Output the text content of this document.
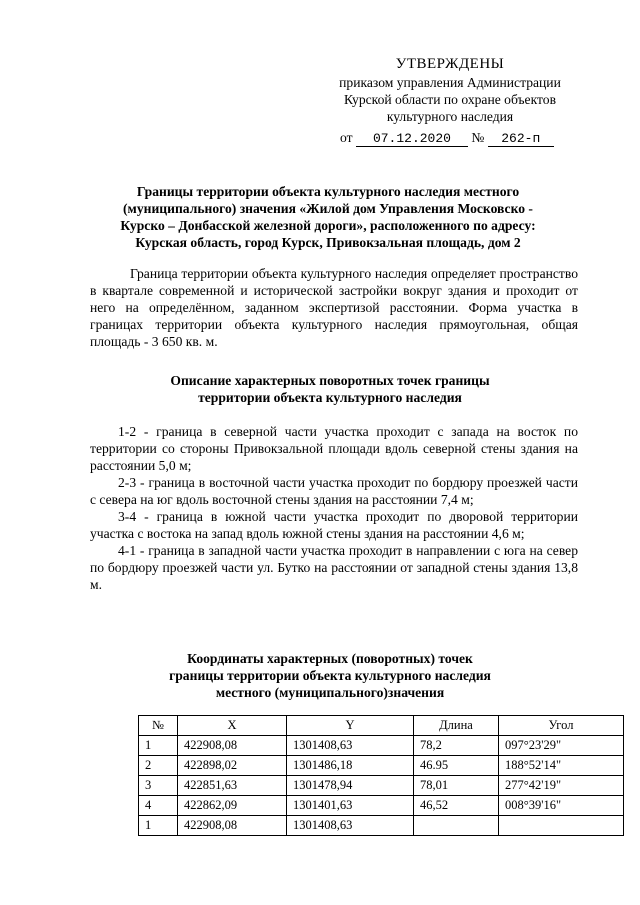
УТВЕРЖДЕНЫ
приказом управления Администрации
Курской области по охране объектов
культурного наследия
от 07.12.2020 № 262-п
Границы территории объекта культурного наследия местного
(муниципального) значения «Жилой дом Управления Московско -
Курско – Донбасской железной дороги», расположенного по адресу:
Курская область, город Курск, Привокзальная площадь, дом 2

Граница территории объекта культурного наследия определяет пространство в квартале современной и исторической застройки вокруг здания и проходит от него на определённом, заданном экспертизой расстоянии. Форма участка в границах территории объекта культурного наследия прямоугольная, общая площадь - 3 650 кв. м.

Описание характерных поворотных точек границы
территории объекта культурного наследия

1-2 - граница в северной части участка проходит с запада на восток по территории со стороны Привокзальной площади вдоль северной стены здания на расстоянии 5,0 м;

2-3 - граница в восточной части участка проходит по бордюру проезжей части с севера на юг вдоль восточной стены здания на расстоянии 7,4 м;

3-4 - граница в южной части участка проходит по дворовой территории участка с востока на запад вдоль южной стены здания на расстоянии 4,6 м;

4-1 - граница в западной части участка проходит в направлении с юга на север по бордюру проезжей части ул. Бутко на расстоянии от западной стены здания 13,8 м.

Координаты характерных (поворотных) точек
границы территории объекта культурного наследия
местного (муниципального)значения
№	X	Y	Длина	Угол
1	422908,08	1301408,63	78,2	097°23'29"
2	422898,02	1301486,18	46.95	188°52'14"
3	422851,63	1301478,94	78,01	277°42'19"
4	422862,09	1301401,63	46,52	008°39'16"
1	422908,08	1301408,63		
